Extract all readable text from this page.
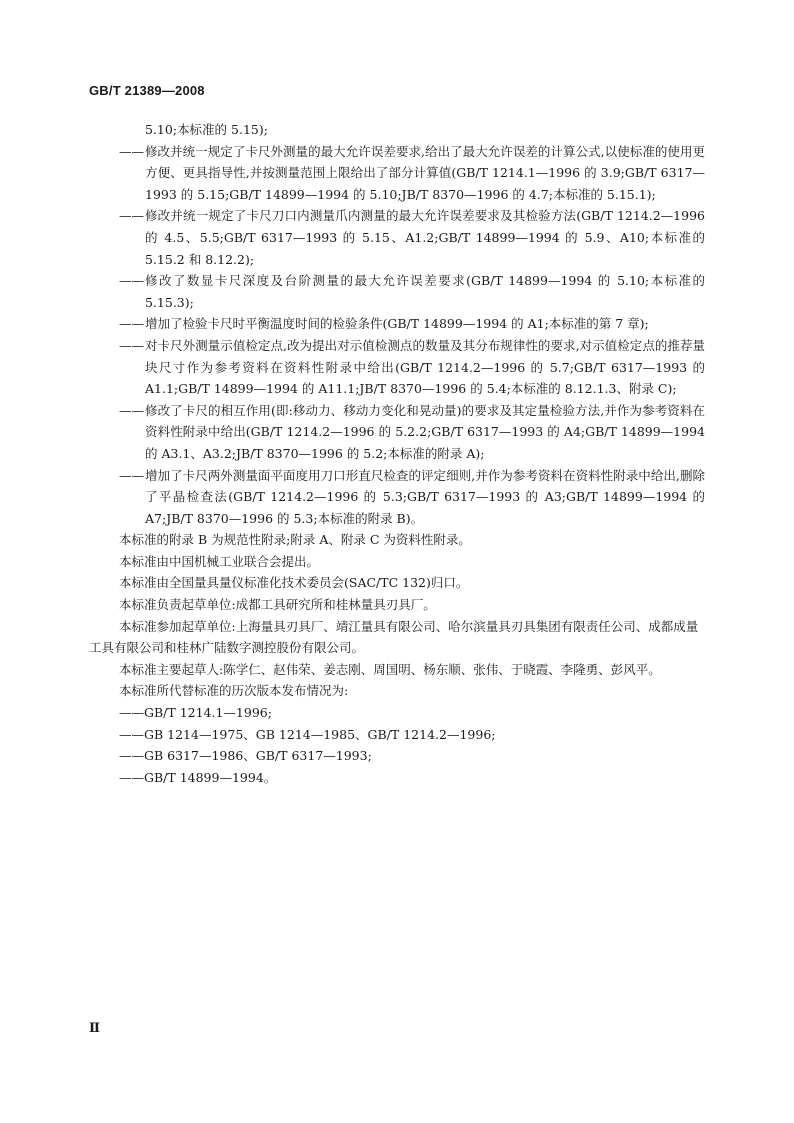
GB/T 21389—2008

5.10;本标准的 5.15);

—— 修改并统一规定了卡尺外测量的最大允许误差要求,给出了最大允许误差的计算公式,以使标准的使用更方便、更具指导性,并按测量范围上限给出了部分计算值(GB/T 1214.1—1996 的 3.9;GB/T 6317—1993 的 5.15;GB/T 14899—1994 的 5.10;JB/T 8370—1996 的 4.7;本标准的 5.15.1);

—— 修改并统一规定了卡尺刀口内测量爪内测量的最大允许误差要求及其检验方法(GB/T 1214.2—1996 的 4.5、5.5;GB/T 6317—1993 的 5.15、A1.2;GB/T 14899—1994 的 5.9、A10;本标准的 5.15.2 和 8.12.2);

—— 修改了数显卡尺深度及台阶测量的最大允许误差要求(GB/T 14899—1994 的 5.10;本标准的 5.15.3);

—— 增加了检验卡尺时平衡温度时间的检验条件(GB/T 14899—1994 的 A1;本标准的第 7 章);

—— 对卡尺外测量示值检定点,改为提出对示值检测点的数量及其分布规律性的要求,对示值检定点的推荐量块尺寸作为参考资料在资料性附录中给出(GB/T 1214.2—1996 的 5.7;GB/T 6317—1993 的 A1.1;GB/T 14899—1994 的 A11.1;JB/T 8370—1996 的 5.4;本标准的 8.12.1.3、附录 C);

—— 修改了卡尺的相互作用(即:移动力、移动力变化和晃动量)的要求及其定量检验方法,并作为参考资料在资料性附录中给出(GB/T 1214.2—1996 的 5.2.2;GB/T 6317—1993 的 A4;GB/T 14899—1994 的 A3.1、A3.2;JB/T 8370—1996 的 5.2;本标准的附录 A);

—— 增加了卡尺两外测量面平面度用刀口形直尺检查的评定细则,并作为参考资料在资料性附录中给出,删除了平晶检查法(GB/T 1214.2—1996 的 5.3;GB/T 6317—1993 的 A3;GB/T 14899—1994 的 A7;JB/T 8370—1996 的 5.3;本标准的附录 B)。

本标准的附录 B 为规范性附录;附录 A、附录 C 为资料性附录。

本标准由中国机械工业联合会提出。

本标准由全国量具量仪标准化技术委员会(SAC/TC 132)归口。

本标准负责起草单位:成都工具研究所和桂林量具刃具厂。

本标准参加起草单位:上海量具刃具厂、靖江量具有限公司、哈尔滨量具刃具集团有限责任公司、成都成量工具有限公司和桂林广陆数字测控股份有限公司。

本标准主要起草人:陈学仁、赵伟荣、姜志刚、周国明、杨东顺、张伟、于晓霞、李隆勇、彭风平。

本标准所代替标准的历次版本发布情况为:

——GB/T 1214.1—1996;

——GB 1214—1975、GB 1214—1985、GB/T 1214.2—1996;

——GB 6317—1986、GB/T 6317—1993;

——GB/T 14899—1994。

Ⅱ
